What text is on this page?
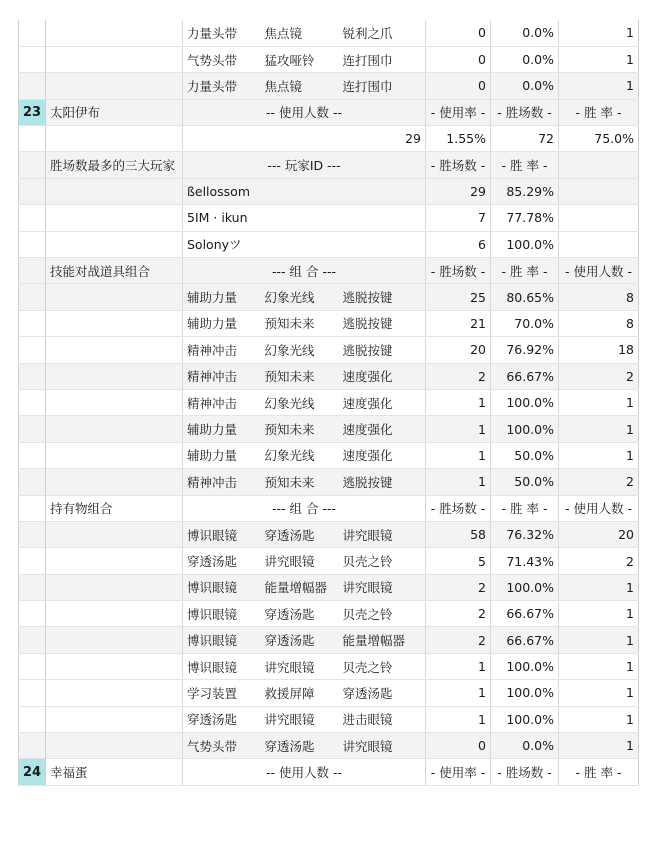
		力量头带	焦点镜	锐利之爪	0	0.0%	1
		气势头带	猛攻哑铃	连打围巾	0	0.0%	1
		力量头带	焦点镜	连打围巾	0	0.0%	1
23	太阳伊布	-- 使用人数 --			- 使用率 -	- 胜场数 -	- 胜 率 -
		29			1.55%	72	75.0%
	胜场数最多的三大玩家	--- 玩家ID ---			- 胜场数 -	- 胜 率 -	
		ßellossom			29	85.29%	
		5IM · ikun			7	77.78%	
		Solonyツ			6	100.0%	
	技能对战道具组合	--- 组 合 ---			- 胜场数 -	- 胜 率 -	- 使用人数 -
		辅助力量	幻象光线	逃脱按键	25	80.65%	8
		辅助力量	预知未来	逃脱按键	21	70.0%	8
		精神冲击	幻象光线	逃脱按键	20	76.92%	18
		精神冲击	预知未来	速度强化	2	66.67%	2
		精神冲击	幻象光线	速度强化	1	100.0%	1
		辅助力量	预知未来	速度强化	1	100.0%	1
		辅助力量	幻象光线	速度强化	1	50.0%	1
		精神冲击	预知未来	逃脱按键	1	50.0%	2
	持有物组合	--- 组 合 ---			- 胜场数 -	- 胜 率 -	- 使用人数 -
		博识眼镜	穿透汤匙	讲究眼镜	58	76.32%	20
		穿透汤匙	讲究眼镜	贝壳之铃	5	71.43%	2
		博识眼镜	能量增幅器	讲究眼镜	2	100.0%	1
		博识眼镜	穿透汤匙	贝壳之铃	2	66.67%	1
		博识眼镜	穿透汤匙	能量增幅器	2	66.67%	1
		博识眼镜	讲究眼镜	贝壳之铃	1	100.0%	1
		学习装置	救援屏障	穿透汤匙	1	100.0%	1
		穿透汤匙	讲究眼镜	进击眼镜	1	100.0%	1
		气势头带	穿透汤匙	讲究眼镜	0	0.0%	1
24	幸福蛋	-- 使用人数 --			- 使用率 -	- 胜场数 -	- 胜 率 -
